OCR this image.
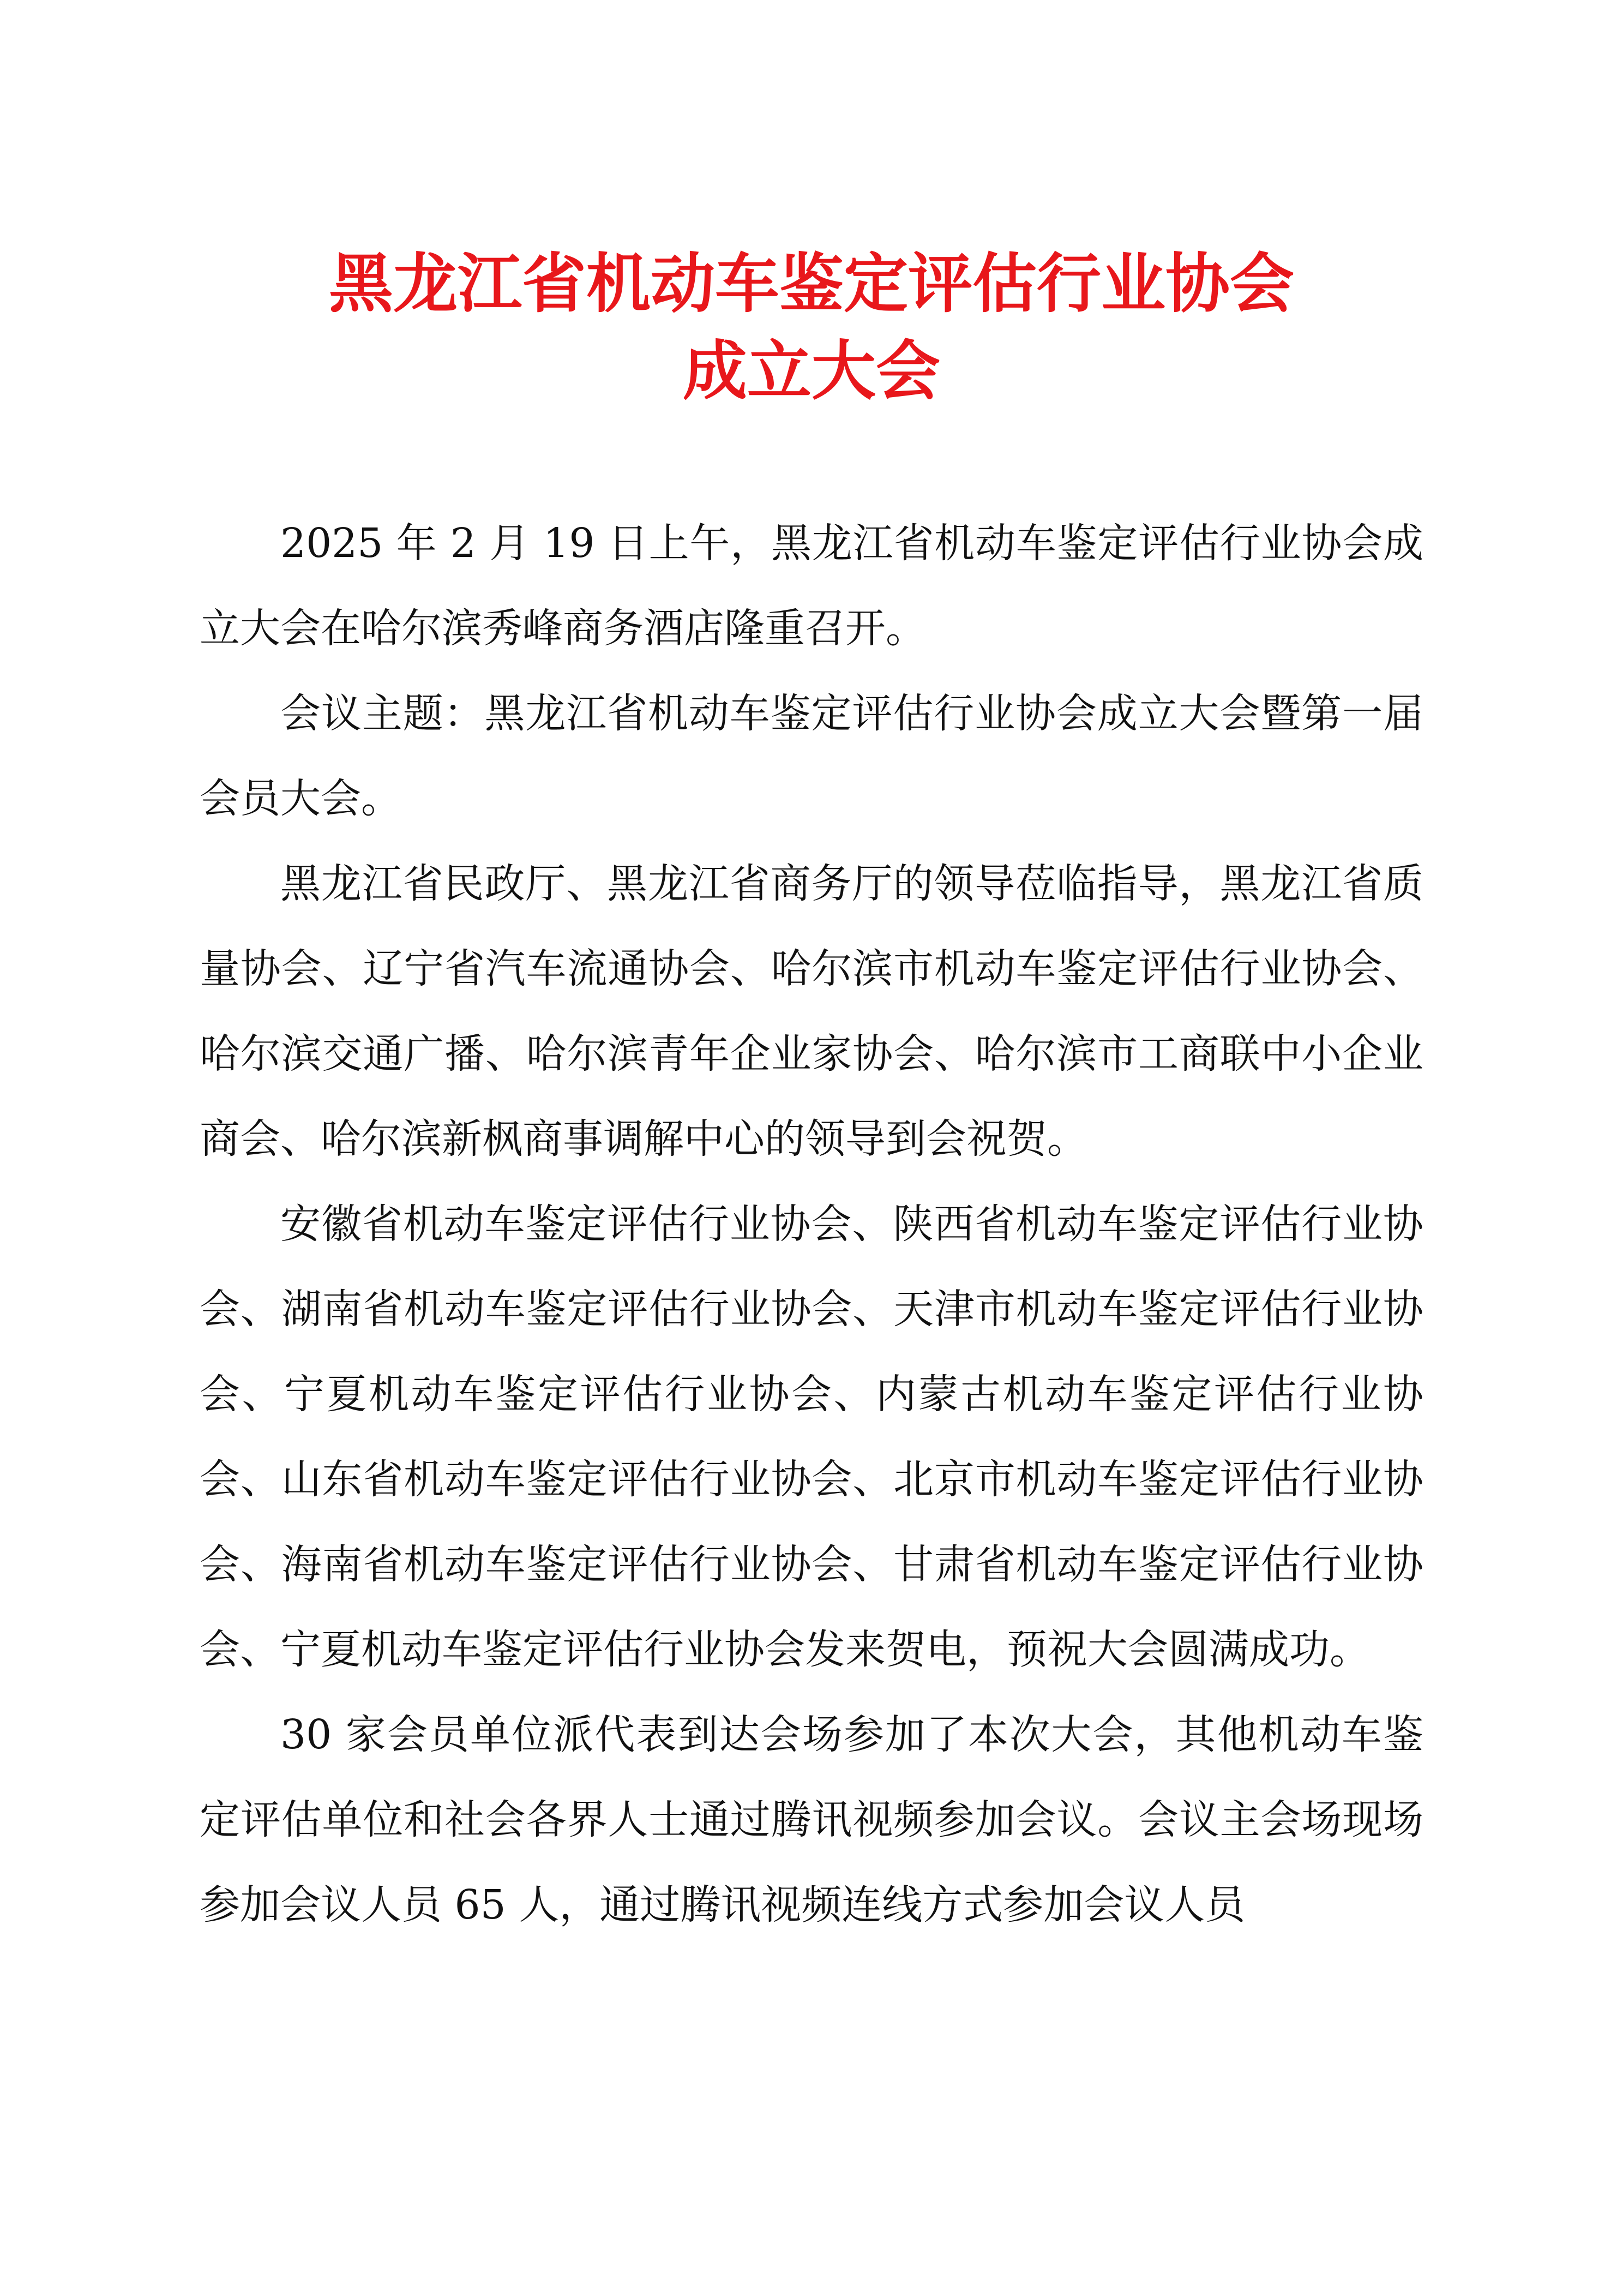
黑龙江省机动车鉴定评估行业协会
成立大会

2025 年 2 月 19 日上午，黑龙江省机动车鉴定评估行业协会成立大会在哈尔滨秀峰商务酒店隆重召开。

会议主题：黑龙江省机动车鉴定评估行业协会成立大会暨第一届会员大会。

黑龙江省民政厅、黑龙江省商务厅的领导莅临指导，黑龙江省质量协会、辽宁省汽车流通协会、哈尔滨市机动车鉴定评估行业协会、哈尔滨交通广播、哈尔滨青年企业家协会、哈尔滨市工商联中小企业商会、哈尔滨新枫商事调解中心的领导到会祝贺。

安徽省机动车鉴定评估行业协会、陕西省机动车鉴定评估行业协会、湖南省机动车鉴定评估行业协会、天津市机动车鉴定评估行业协会、宁夏机动车鉴定评估行业协会、内蒙古机动车鉴定评估行业协会、山东省机动车鉴定评估行业协会、北京市机动车鉴定评估行业协会、海南省机动车鉴定评估行业协会、甘肃省机动车鉴定评估行业协会、宁夏机动车鉴定评估行业协会发来贺电，预祝大会圆满成功。

30 家会员单位派代表到达会场参加了本次大会，其他机动车鉴定评估单位和社会各界人士通过腾讯视频参加会议。会议主会场现场参加会议人员 65 人，通过腾讯视频连线方式参加会议人员
